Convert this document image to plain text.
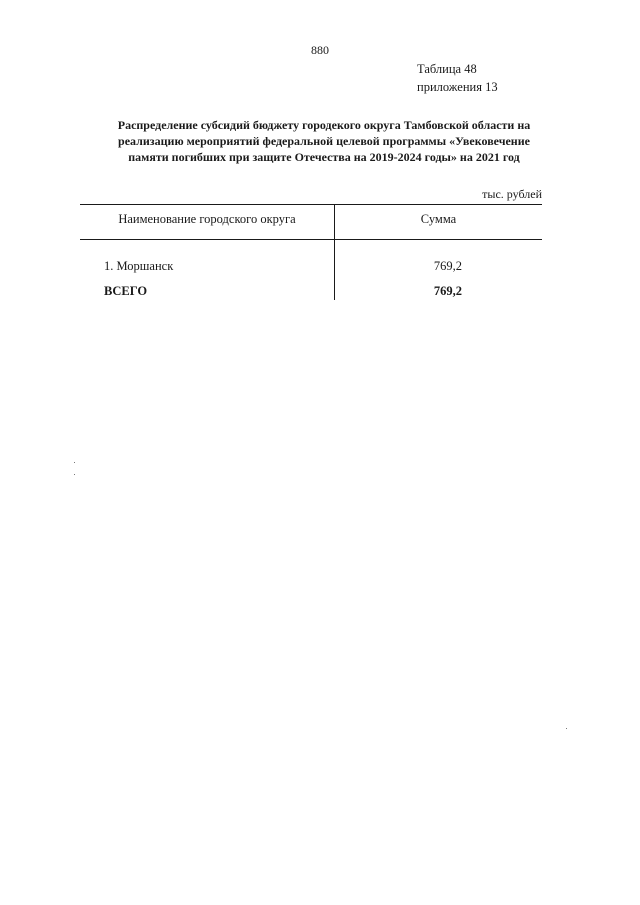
880
Таблица 48
приложения 13
Распределение субсидий бюджету городекого округа Тамбовской области на
реализацию мероприятий федеральной целевой программы «Увековечение
памяти погибших при защите Отечества на 2019-2024 годы» на 2021 год
тыс. рублей
Наименование городского округа	Сумма
1. Моршанск	769,2
ВСЕГО	769,2
